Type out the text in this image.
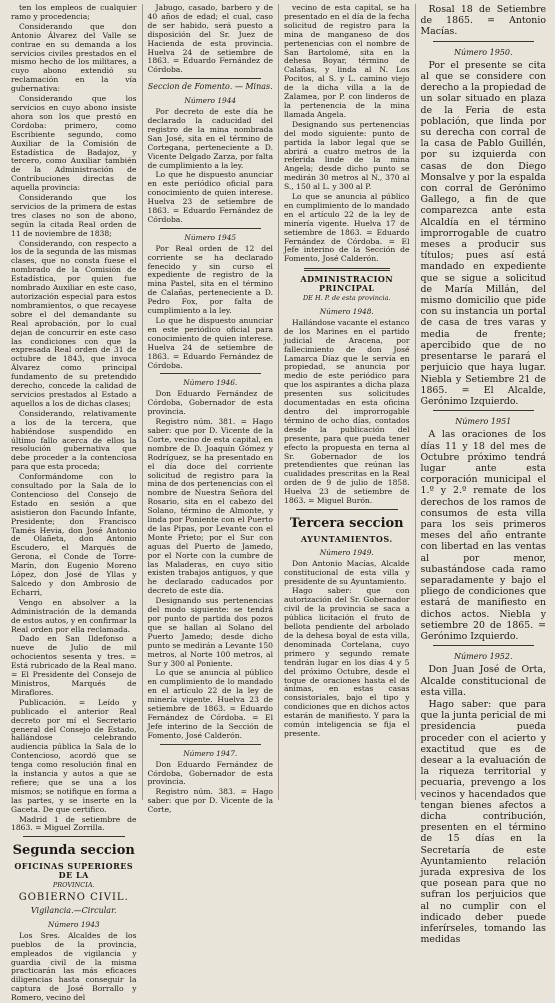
ten los empleos de cualquier ramo y procedencia;
Considerando que don Antonio Álvarez del Valle se contrae en su demanda a los servicios civiles prestados en el mismo hecho de los militares, a cuyo abono extendió su reclamación en la vía gubernativa:
Considerando que los servicios en cuyo abono insiste ahora son los que prestó en Cordoba: primero, como Escribiente segundo, como Auxiliar de la Comisión de Estadística de Badajoz, y tercero, como Auxiliar también de la Administración de Contribuciones directas de aquella provincia:
Considerando que los servicios de la primera de estas tres clases no son de abono, según la citada Real orden de 11 de noviembre de 1838;
Considerando, con respecto a los de la segunda de las mismas clases, que no consta fuese el nombrado de la Comisión de Estadística, por quien fue nombrado Auxiliar en este caso, autorización especial para estos nombramientos, o que recayese sobre el del demandante su Real aprobación, por lo cual dejan de concurrir en este caso las condiciones con que la expresada Real orden de 31 de octubre de 1843, que invoca Álvarez como principal fundamento de su pretendido derecho, concede la calidad de servicios prestados al Estado a aquellos a los de dichas clases;
Considerando, relativamente a los de la tercera, que habiéndose suspendido en último fallo acerca de ellos la resolución gubernativa que debe proceder a la contenciosa para que esta proceda;
Conformándome con lo consultado por la Sala de lo Contencioso del Consejo de Estado en sesión a que asistieron don Facundo Infante, Presidente; don Francisco Tamés Hevia, don José Antonio de Olañeta, don Antonio Escudero, el Marqués de Gerona, el Conde de Torre-Marín, don Eugenio Moreno López, don José de Yllas y Salcedo y don Ambrosio de Echarri,
Vengo en absolver a la Administración de la demanda de estos autos, y en confirmar la Real orden por ella reclamada.
Dado en San Ildefonso a nueve de Julio de mil ochocientos sesenta y tres. = Está rubricado de la Real mano. = El Presidente del Consejo de Ministros, Marqués de Miraflores.
Publicación. = Leído y publicado el anterior Real decreto por mí el Secretario general del Consejo de Estado, hallándose celebrando audiencia pública la Sala de lo Contencioso, acordó que se tenga como resolución final en la instancia y autos a que se refiere; que se una a los mismos; se notifique en forma a las partes, y se inserte en la Gaceta. De que certifico.
Madrid 1 de setiembre de 1863. = Miguel Zorrilla.
Segunda seccion
OFICINAS SUPERIORES DE LA
PROVINCIA.
GOBIERNO CIVIL.
Vigilancia.—Circular.
Número 1943
Los Sres. Alcaldes de los pueblos de la provincia, empleados de vigilancia y guardia civil de la misma practicarán las más eficaces diligencias hasta conseguir la captura de José Borrallo y Romero, vecino del
Jabugo, casado, barbero y de 40 años de edad; el cual, caso de ser habido, será puesto a disposición del Sr. Juez de Hacienda de esta provincia. Huelva 24 de setiembre de 1863. = Eduardo Fernández de Córdoba.
Seccion de Fomento. — Minas.
Número 1944
Por decreto de este día he declarado la caducidad del registro de la mina nombrada San José, sita en el término de Cortegana, perteneciente a D. Vicente Delgado Zarza, por falta de cumplimiento a la ley.
Lo que he dispuesto anunciar en este periódico oficial para conocimiento de quien interese. Huelva 23 de setiembre de 1863. = Eduardo Fernández de Córdoba.
Número 1945
Por Real orden de 12 del corriente se ha declarado fenecido y sin curso el expediente de registro de la mina Pastel, sita en el término de Calañas, perteneciente a D. Pedro Fox, por falta de cumplimiento a la ley.
Lo que he dispuesto anunciar en este periódico oficial para conocimiento de quien interese. Huelva 24 de setiembre de 1863. = Eduardo Fernández de Córdoba.
Número 1946.
Don Eduardo Fernández de Córdoba, Gobernador de esta provincia.
Registro núm. 381. = Hago saber: que por D. Vicente de la Corte, vecino de esta capital, en nombre de D. Joaquín Gómez y Rodríguez, se ha presentado en el día doce del corriente solicitud de registro para la mina de dos pertenencias con el nombre de Nuestra Señora del Rosario, sita en el cabezo del Solano, término de Almonte, y linda por Poniente con el Puerto de las Pipas, por Levante con el Monte Prieto; por el Sur con aguas del Puerto de Jamedo, por el Norte con la cumbre de las Maladeras, en cuyo sitio existen trabajos antiguos, y que he declarado caducados por decreto de este día.
Designando sus pertenencias del modo siguiente: se tendrá por punto de partida dos pozos que se hallan al Solano del Puerto Jamedo; desde dicho punto se medirán a Levante 150 metros, al Norte 100 metros, al Sur y 300 al Poniente.
Lo que se anuncia al público en cumplimiento de lo mandado en el artículo 22 de la ley de minería vigente. Huelva 23 de setiembre de 1863. = Eduardo Fernández de Córdoba. = El Jefe interino de la Sección de Fomento, José Calderón.
Número 1947.
Don Eduardo Fernández de Córdoba, Gobernador de esta provincia.
Registro núm. 383. = Hago saber: que por D. Vicente de la Corte,
vecino de esta capital, se ha presentado en el día de la fecha solicitud de registro para la mina de manganeso de dos pertenencias con el nombre de San Bartolomé, sita en la dehesa Boyar, término de Calañas, y linda al N. Los Pocitos, al S. y L. camino viejo de la dicha villa a la de Zalamea, por P. con linderos de la pertenencia de la mina llamada Angela.
Designando sus pertenencias del modo siguiente: punto de partida la labor legal que se abrirá a cuatro metros de la referida linde de la mina Angela; desde dicho punto se medirán 30 metros al N., 370 al S., 150 al L. y 300 al P.
Lo que se anuncia al público en cumplimiento de lo mandado en el artículo 22 de la ley de minería vigente. Huelva 17 de setiembre de 1863. = Eduardo Fernández de Córdoba. = El Jefe interino de la Sección de Fomento, José Calderón.
ADMINISTRACION PRINCIPAL
DE H. P. de esta provincia.
Número 1948.
Hallándose vacante el estanco de los Marines en el partido judicial de Aracena, por fallecimiento de don José Lamarca Díaz que le servía en propiedad, se anuncia por medio de este periódico para que los aspirantes a dicha plaza presenten sus solicitudes documentadas en esta oficina dentro del improrrogable término de ocho días, contados desde la publicación del presente, para que pueda tener efecto la propuesta en terna al Sr. Gobernador de los pretendientes que reúnan las cualidades prescritas en la Real orden de 9 de julio de 1858. Huelva 23 de setiembre de 1863. = Miguel Burón.
Tercera seccion
AYUNTAMIENTOS.
Número 1949.
Don Antonio Macías, Alcalde constitucional de esta villa y presidente de su Ayuntamiento.
Hago saber: que con autorización del Sr. Gobernador civil de la provincia se saca a pública licitación el fruto de bellota pendiente del arbolado de la dehesa boyal de esta villa, denominada Cortelana, cuyo primero y segundo remate tendrán lugar en los días 4 y 5 del próximo Octubre, desde el toque de oraciones hasta el de ánimas, en estas casas consistoriales, bajo el tipo y condiciones que en dichos actos estarán de manifiesto. Y para la común inteligencia se fija el presente.
Rosal 18 de Setiembre de 1865. = Antonio Macías.
Número 1950.
Por el presente se cita al que se considere con derecho a la propiedad de un solar situado en plaza de la Feria de esta población, que linda por su derecha con corral de la casa de Pablo Guillén, por su izquierda con casas de don Diego Monsalve y por la espalda con corral de Gerónimo Gallego, a fin de que comparezca ante esta Alcaldía en el término improrrogable de cuatro meses a producir sus títulos; pues así está mandado en expediente que se sigue a solicitud de María Millán, del mismo domicilio que pide con su instancia un portal de casa de tres varas y media de frente; apercibido que de no presentarse le parará el perjuicio que haya lugar. Niebla y Setiembre 21 de 1865. = El Alcalde, Gerónimo Izquierdo.
Número 1951
A las oraciones de los días 11 y 18 del mes de Octubre próximo tendrá lugar ante esta corporación municipal el 1.º y 2.º remate de los derechos de los ramos de consumos de esta villa para los seis primeros meses del año entrante con libertad en las ventas al por menor, subastándose cada ramo separadamente y bajo el pliego de condiciones que estará de manifiesto en dichos actos. Niebla y setiembre 20 de 1865. = Gerónimo Izquierdo.
Número 1952.
Don Juan José de Orta, Alcalde constitucional de esta villa.
Hago saber: que para que la junta pericial de mi presidencia pueda proceder con el acierto y exactitud que es de desear a la evaluación de la riqueza territorial y pecuaria, prevengo a los vecinos y hacendados que tengan bienes afectos a dicha contribución, presenten en el término de 15 días en la Secretaría de este Ayuntamiento relación jurada expresiva de los que posean para que no sufran los perjuicios que al no cumplir con el indicado deber puede inferírseles, tomando las medidas
